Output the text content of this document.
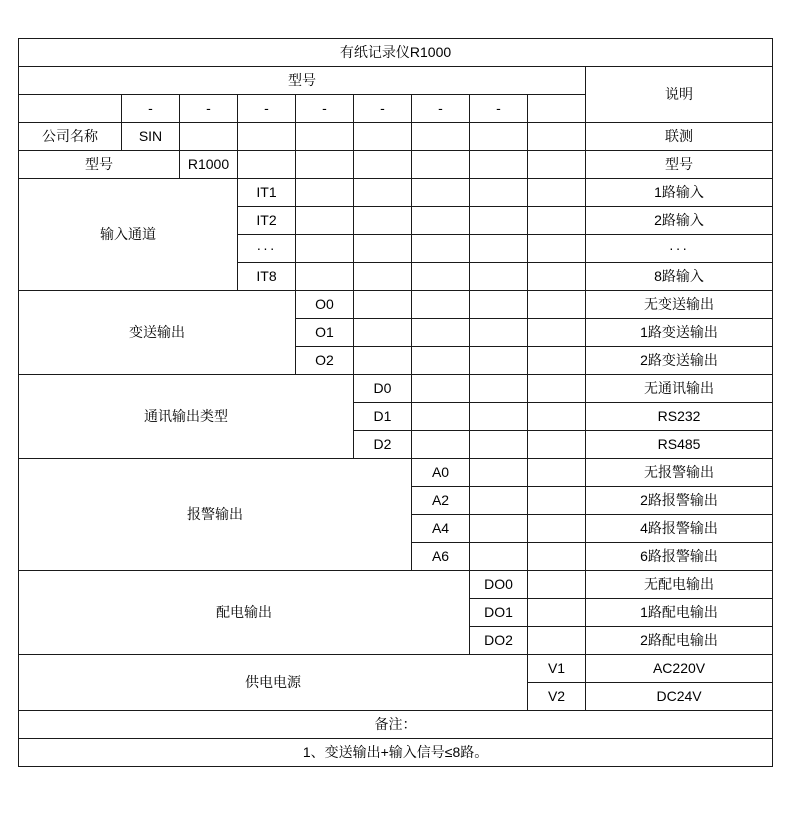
有纸记录仪R1000									
型号									说明
	-	-	-	-	-	-	-		
公司名称	SIN								联测
型号		R1000							型号
输入通道			IT1						1路输入
			IT2						2路输入
			···						···
			IT8						8路输入
变送输出				O0					无变送输出
				O1					1路变送输出
				O2					2路变送输出
通讯输出类型					D0				无通讯输出
					D1				RS232
					D2				RS485
报警输出						A0			无报警输出
						A2			2路报警输出
						A4			4路报警输出
						A6			6路报警输出
配电输出							DO0		无配电输出
							DO1		1路配电输出
							DO2		2路配电输出
供电电源								V1	AC220V
								V2	DC24V
备注：									
1、变送输出+输入信号≤8路。									
